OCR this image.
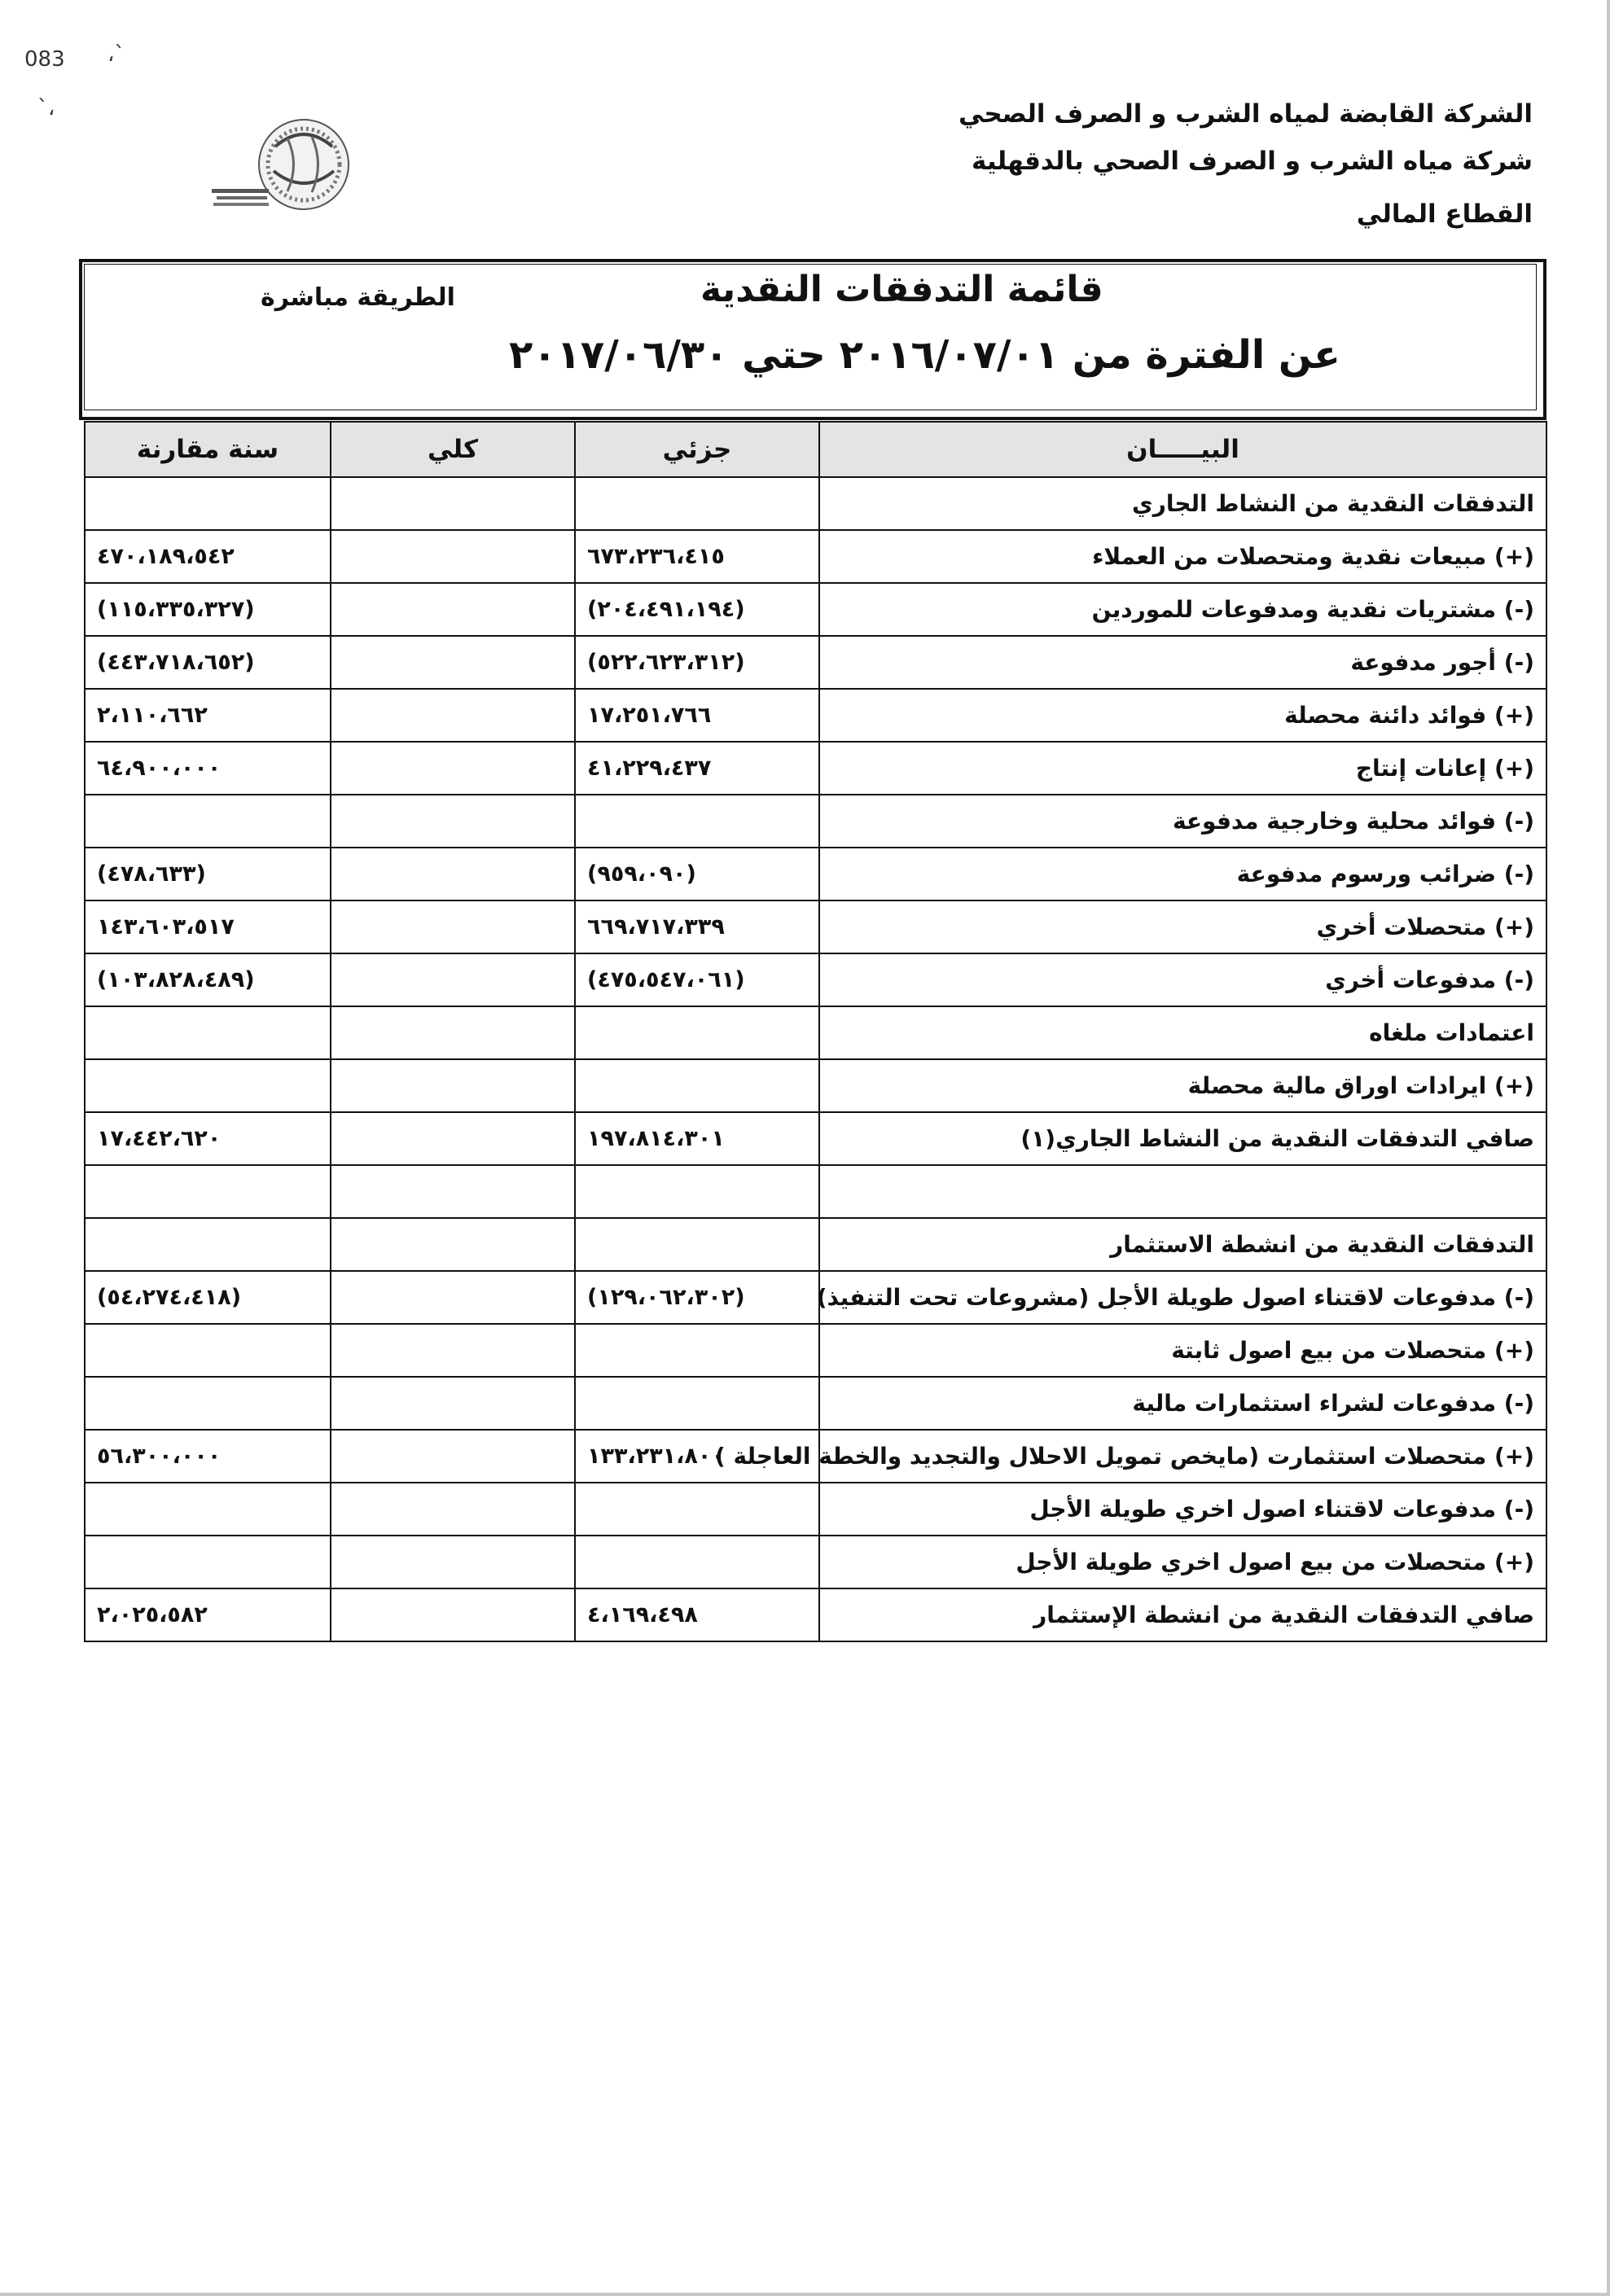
083 ،`
`،	الشركة القابضة لمياه الشرب و الصرف الصحي
شركة مياه الشرب و الصرف الصحي بالدقهلية
القطاع المالي
قائمة التدفقات النقدية
الطريقة مباشرة
عن الفترة من ٢٠١٦/٠٧/٠١ حتي ٢٠١٧/٠٦/٣٠
البيـــــان	جزئي	كلي	سنة مقارنة
التدفقات النقدية من النشاط الجاري			
(+) مبيعات نقدية ومتحصلات من العملاء	٦٧٣،٢٣٦،٤١٥		٤٧٠،١٨٩،٥٤٢
(-) مشتريات نقدية ومدفوعات للموردين	(٢٠٤،٤٩١،١٩٤)		(١١٥،٣٣٥،٣٢٧)
(-) أجور مدفوعة	(٥٢٢،٦٢٣،٣١٢)		(٤٤٣،٧١٨،٦٥٢)
(+) فوائد دائنة محصلة	١٧،٢٥١،٧٦٦		٢،١١٠،٦٦٢
(+) إعانات إنتاج	٤١،٢٢٩،٤٣٧		٦٤،٩٠٠،٠٠٠
(-) فوائد محلية وخارجية مدفوعة			
(-) ضرائب ورسوم مدفوعة	(٩٥٩،٠٩٠)		(٤٧٨،٦٣٣)
(+) متحصلات أخري	٦٦٩،٧١٧،٣٣٩		١٤٣،٦٠٣،٥١٧
(-) مدفوعات أخري	(٤٧٥،٥٤٧،٠٦١)		(١٠٣،٨٢٨،٤٨٩)
اعتمادات ملغاه			
(+) ايرادات اوراق مالية محصلة			
صافي التدفقات النقدية من النشاط الجاري(١)	١٩٧،٨١٤،٣٠١		١٧،٤٤٢،٦٢٠

التدفقات النقدية من انشطة الاستثمار			
(-) مدفوعات لاقتناء اصول طويلة الأجل (مشروعات تحت التنفيذ)	(١٢٩،٠٦٢،٣٠٢)		(٥٤،٢٧٤،٤١٨)
(+) متحصلات من بيع اصول ثابتة			
(-) مدفوعات لشراء استثمارات مالية			
(+) متحصلات استثمارت (مايخص تمويل الاحلال والتجديد والخطة العاجلة )	١٣٣،٢٣١،٨٠٠		٥٦،٣٠٠،٠٠٠
(-) مدفوعات لاقتناء اصول اخري طويلة الأجل			
(+) متحصلات من بيع اصول اخري طويلة الأجل			
صافي التدفقات النقدية من انشطة الإستثمار	٤،١٦٩،٤٩٨		٢،٠٢٥،٥٨٢
